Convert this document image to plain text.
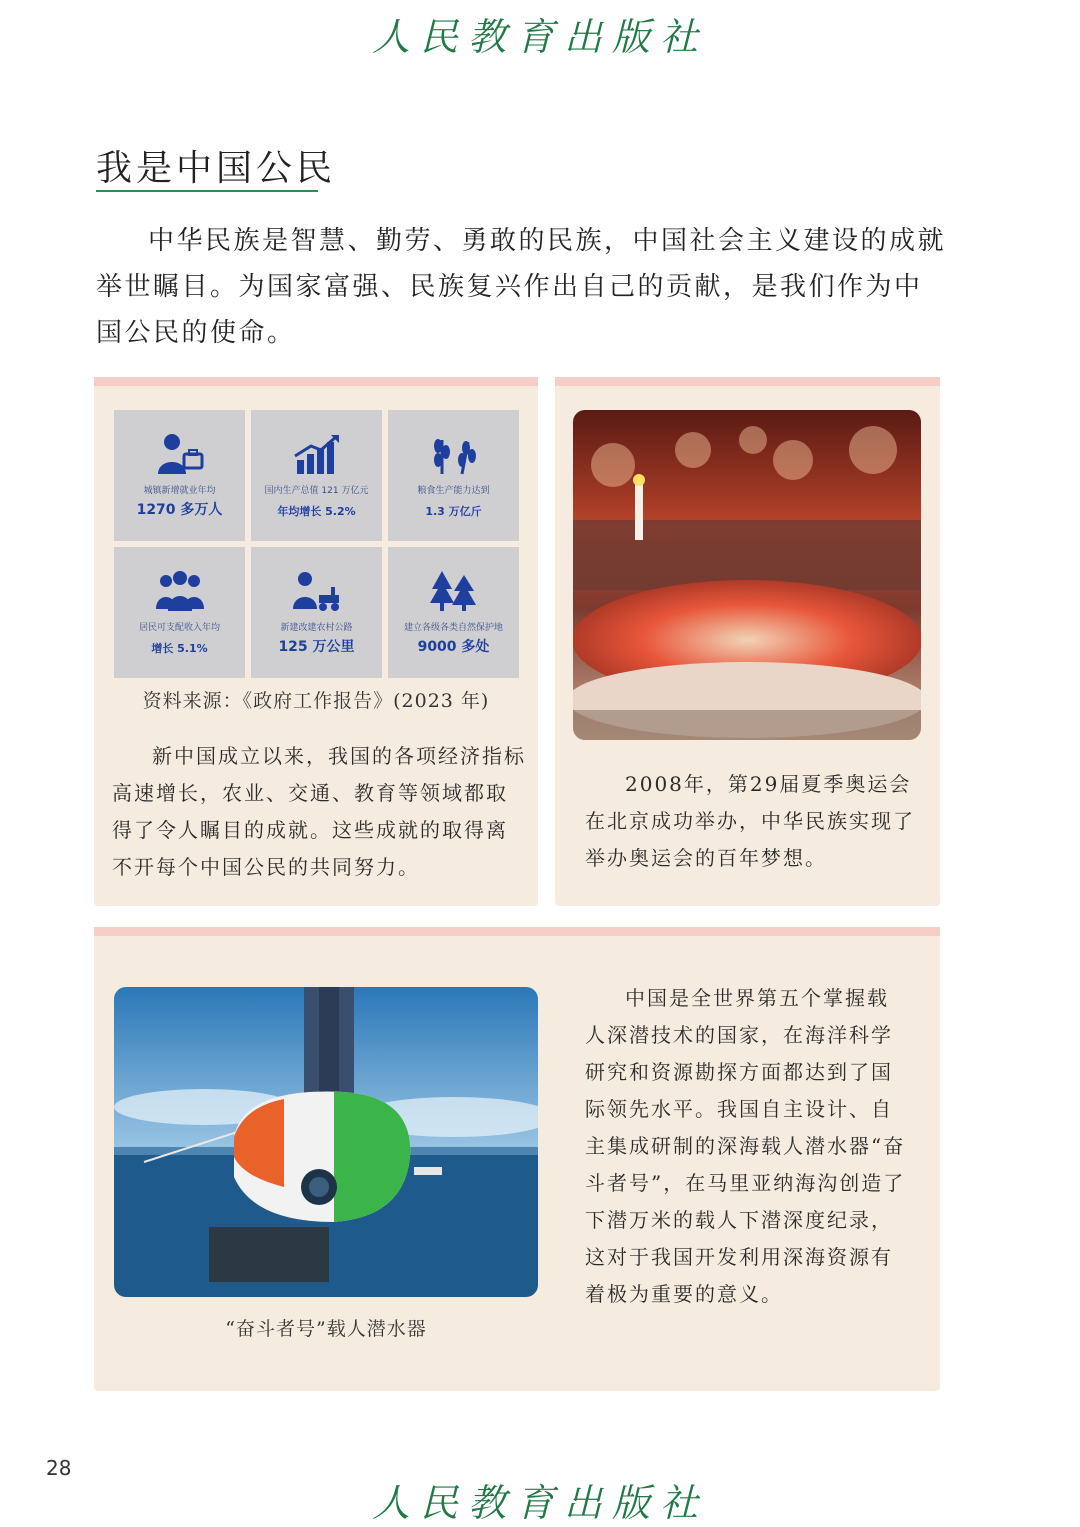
人民教育出版社
我是中国公民
中华民族是智慧、勤劳、勇敢的民族，中国社会主义建设的成就举世瞩目。为国家富强、民族复兴作出自己的贡献，是我们作为中国公民的使命。
城镇新增就业年均
1270 多万人
国内生产总值 121 万亿元
年均增长 5.2%
粮食生产能力达到
1.3 万亿斤
居民可支配收入年均
增长 5.1%
新建改建农村公路
125 万公里
建立各级各类自然保护地
9000 多处
资料来源：《政府工作报告》(2023 年)
新中国成立以来，我国的各项经济指标高速增长，农业、交通、教育等领域都取得了令人瞩目的成就。这些成就的取得离不开每个中国公民的共同努力。
2008年，第29届夏季奥运会在北京成功举办，中华民族实现了举办奥运会的百年梦想。
“奋斗者号”载人潜水器
中国是全世界第五个掌握载人深潜技术的国家，在海洋科学研究和资源勘探方面都达到了国际领先水平。我国自主设计、自主集成研制的深海载人潜水器“奋斗者号”，在马里亚纳海沟创造了下潜万米的载人下潜深度纪录，这对于我国开发利用深海资源有着极为重要的意义。
28
人民教育出版社
